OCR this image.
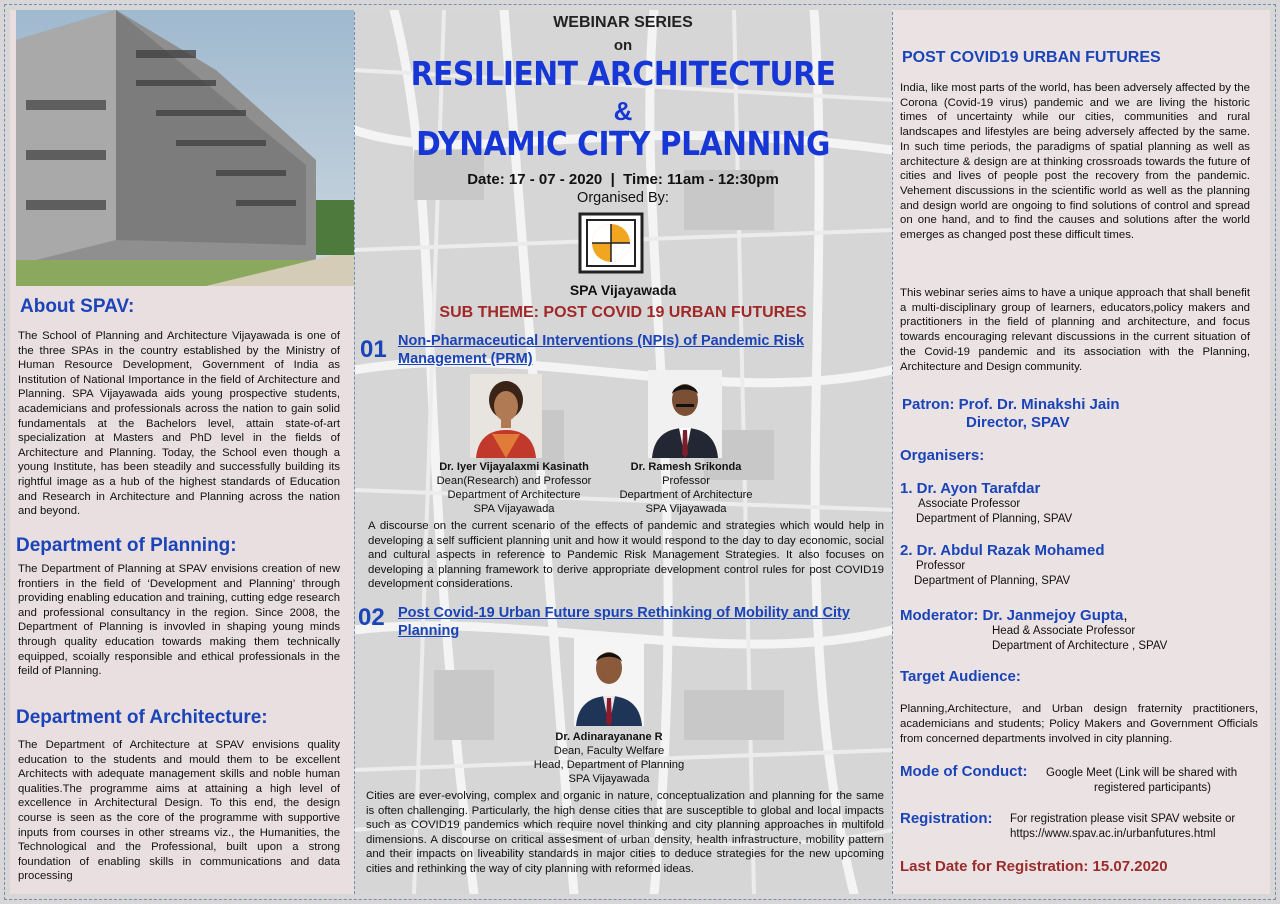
About SPAV:
The School of Planning and Architecture Vijayawada is one of the three SPAs in the country established by the Ministry of Human Resource Development, Government of India as Institution of National Importance in the field of Architecture and Planning. SPA Vijayawada aids young prospective students, academicians and professionals across the nation to gain solid fundamentals at the Bachelors level, attain state-of-art specialization at Masters and PhD level in the fields of Architecture and Planning. Today, the School even though a young Institute, has been steadily and successfully building its rightful image as a hub of the highest standards of Education and Research in Architecture and Planning across the nation and beyond.
Department of Planning:
The Department of Planning at SPAV envisions creation of new frontiers in the field of ‘Development and Planning’ through providing enabling education and training, cutting edge research and professional consultancy in the region. Since 2008, the Department of Planning is invovled in shaping young minds through quality education towards making them technically equipped, scoially responsible and ethical professionals in the feild of Planning.
Department of Architecture:
The Department of Architecture at SPAV envisions quality education to the students and mould them to be excellent Architects with adequate management skills and noble human qualities.The programme aims at attaining a high level of excellence in Architectural Design. To this end, the design course is seen as the core of the programme with supportive inputs from courses in other streams viz., the Humanities, the Technological and the Professional, built upon a strong foundation of enabling skills in communications and data processing
WEBINAR SERIES
on
RESILIENT ARCHITECTURE
&
DYNAMIC CITY PLANNING
Date: 17 - 07 - 2020  |  Time: 11am - 12:30pm
Organised By:
SPA Vijayawada
SUB THEME: POST COVID 19 URBAN FUTURES
01 Non-Pharmaceutical Interventions (NPIs) of Pandemic Risk Management (PRM)
Dr. Iyer Vijayalaxmi Kasinath
Dean(Research) and Professor
Department of Architecture
SPA Vijayawada
Dr. Ramesh Srikonda
Professor
Department of Architecture
SPA Vijayawada
A discourse on the current scenario of the effects of pandemic and strategies which would help in developing a self sufficient planning unit and how it would respond to the day to day economic, social and cultural aspects in reference to Pandemic Risk Management Strategies. It also focuses on developing a planning framework to derive appropriate development control rules for post COVID19 development considerations.
02 Post Covid-19 Urban Future spurs Rethinking of Mobility and City Planning
Dr. Adinarayanane R
Dean, Faculty Welfare
Head, Department of Planning
SPA Vijayawada
Cities are ever-evolving, complex and organic in nature, conceptualization and planning for the same is often challenging. Particularly, the high dense cities that are susceptible to global and local impacts such as COVID19 pandemics which require novel thinking and city planning approaches in multifold dimensions. A discourse on critical assesment of urban density, health infrastructure, mobility pattern and their impacts on liveability standards in major cities to deduce strategies for the new upcoming cities and rethinking the way of city planning with reformed ideas.
POST COVID19 URBAN FUTURES
India, like most parts of the world, has been adversely affected by the Corona (Covid-19 virus) pandemic and we are living the historic times of uncertainty while our cities, communities and rural landscapes and lifestyles are being adversely affected by the same. In such time periods, the paradigms of spatial planning as well as architecture & design are at thinking crossroads towards the future of cities and lives of people post the recovery from the pandemic. Vehement discussions in the scientific world as well as the planning and design world are ongoing to find solutions of control and spread on one hand, and to find the causes and solutions after the world emerges as changed post these difficult times.
This webinar series aims to have a unique approach that shall benefit a multi-disciplinary group of learners, educators,policy makers and practitioners in the field of planning and architecture, and focus towards encouraging relevant discussions in the current situation of the Covid-19 pandemic and its association with the Planning, Architecture and Design community.
Patron: Prof. Dr. Minakshi Jain
Director, SPAV
Organisers:
1. Dr. Ayon Tarafdar
Associate Professor
Department of Planning, SPAV
2. Dr. Abdul Razak Mohamed
Professor
Department of Planning, SPAV
Moderator: Dr. Janmejoy Gupta,
Head & Associate Professor
Department of Architecture , SPAV
Target Audience:
Planning,Architecture, and Urban design fraternity practitioners, academicians and students; Policy Makers and Government Officials from concerned departments involved in city planning.
Mode of Conduct: Google Meet (Link will be shared with
registered participants)
Registration: For registration please visit SPAV website or
https://www.spav.ac.in/urbanfutures.html
Last Date for Registration: 15.07.2020
